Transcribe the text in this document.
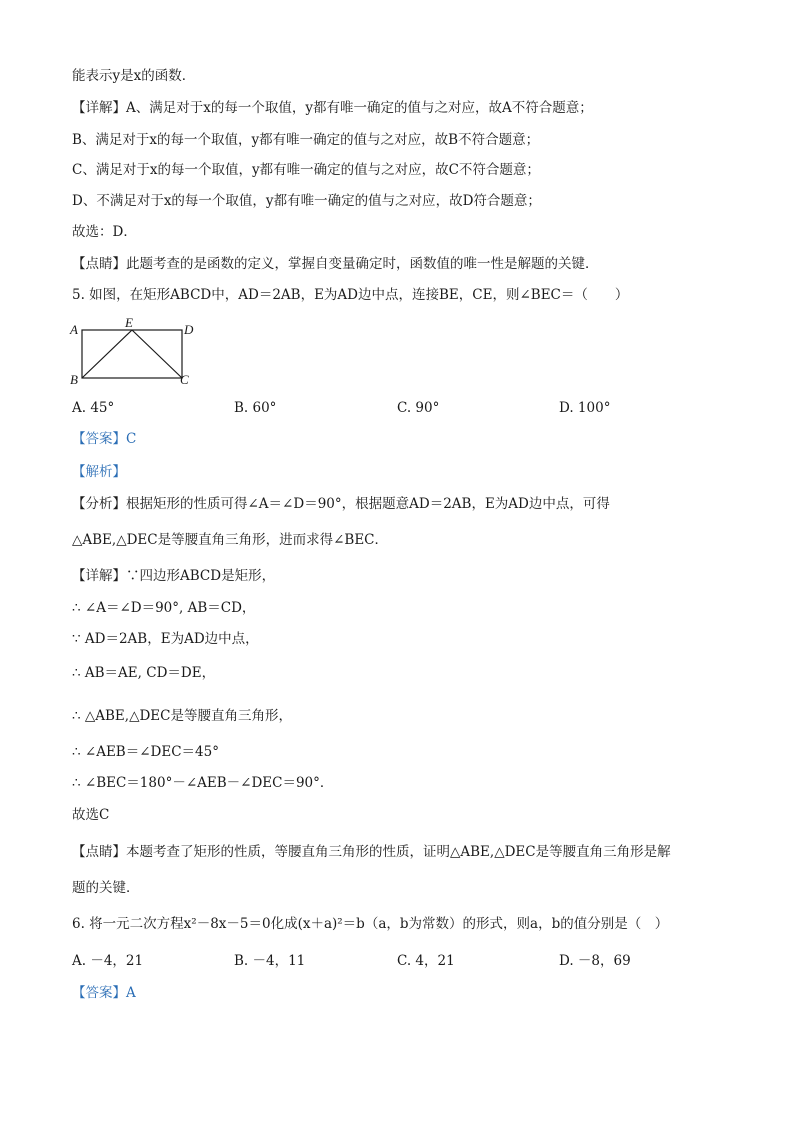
能表示y是x的函数．
【详解】A、满足对于x的每一个取值，y都有唯一确定的值与之对应，故A不符合题意；
B、满足对于x的每一个取值，y都有唯一确定的值与之对应，故B不符合题意；
C、满足对于x的每一个取值，y都有唯一确定的值与之对应，故C不符合题意；
D、不满足对于x的每一个取值，y都有唯一确定的值与之对应，故D符合题意；
故选：D．
【点睛】此题考查的是函数的定义，掌握自变量确定时，函数值的唯一性是解题的关键．
5. 如图，在矩形ABCD中，AD＝2AB，E为AD边中点，连接BE，CE，则∠BEC＝（　　）
A	E	D
B	C
A. 45°	B. 60°	C. 90°	D. 100°
【答案】C
【解析】
【分析】根据矩形的性质可得∠A＝∠D＝90°，根据题意AD＝2AB，E为AD边中点，可得
△ABE,△DEC是等腰直角三角形，进而求得∠BEC．
【详解】∵四边形ABCD是矩形，
∴ ∠A＝∠D＝90°, AB＝CD，
∵ AD＝2AB，E为AD边中点，
∴ AB＝AE, CD＝DE，
∴ △ABE,△DEC是等腰直角三角形，
∴ ∠AEB＝∠DEC＝45°
∴ ∠BEC＝180°－∠AEB－∠DEC＝90°．
故选C
【点睛】本题考查了矩形的性质，等腰直角三角形的性质，证明△ABE,△DEC是等腰直角三角形是解
题的关键．
6. 将一元二次方程x²－8x－5＝0化成(x＋a)²＝b（a，b为常数）的形式，则a，b的值分别是（　）
A. －4，21	B. －4，11	C. 4，21	D. －8，69
【答案】A
